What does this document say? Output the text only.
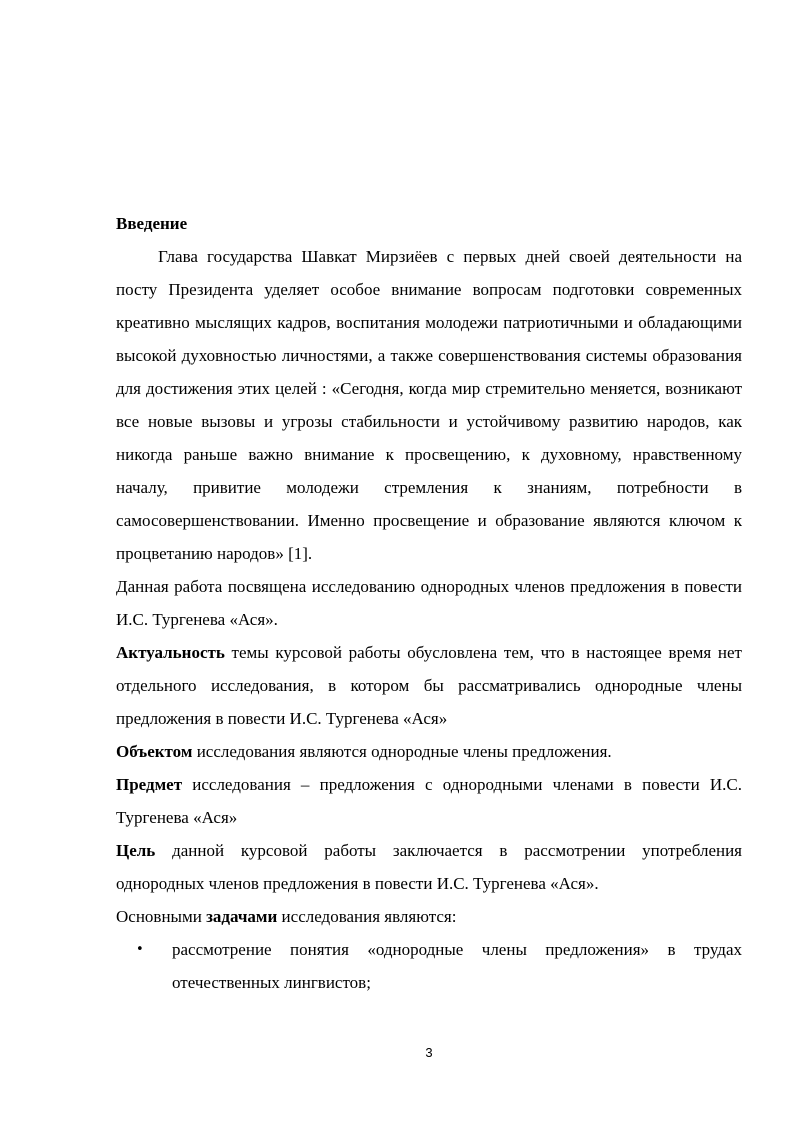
Введение

Глава государства Шавкат Мирзиёев с первых дней своей деятельности на посту Президента уделяет особое внимание вопросам подготовки современных креативно мыслящих кадров, воспитания молодежи патриотичными и обладающими высокой духовностью личностями, а также совершенствования системы образования для достижения этих целей : «Сегодня, когда мир стремительно меняется, возникают все новые вызовы и угрозы стабильности и устойчивому развитию народов, как никогда раньше важно внимание к просвещению, к духовному, нравственному началу, привитие молодежи стремления к знаниям, потребности в самосовершенствовании. Именно просвещение и образование являются ключом к процветанию народов» [1].

Данная работа посвящена исследованию однородных членов предложения в повести И.С. Тургенева «Ася».

Актуальность темы курсовой работы обусловлена тем, что в настоящее время нет отдельного исследования, в котором бы рассматривались однородные члены предложения в повести И.С. Тургенева «Ася»

Объектом исследования являются однородные члены предложения.

Предмет исследования – предложения с однородными членами в повести И.С. Тургенева «Ася»

Цель данной курсовой работы заключается в рассмотрении употребления однородных членов предложения в повести И.С. Тургенева «Ася».

Основными задачами исследования являются:

• рассмотрение понятия «однородные члены предложения» в трудах отечественных лингвистов;
3
